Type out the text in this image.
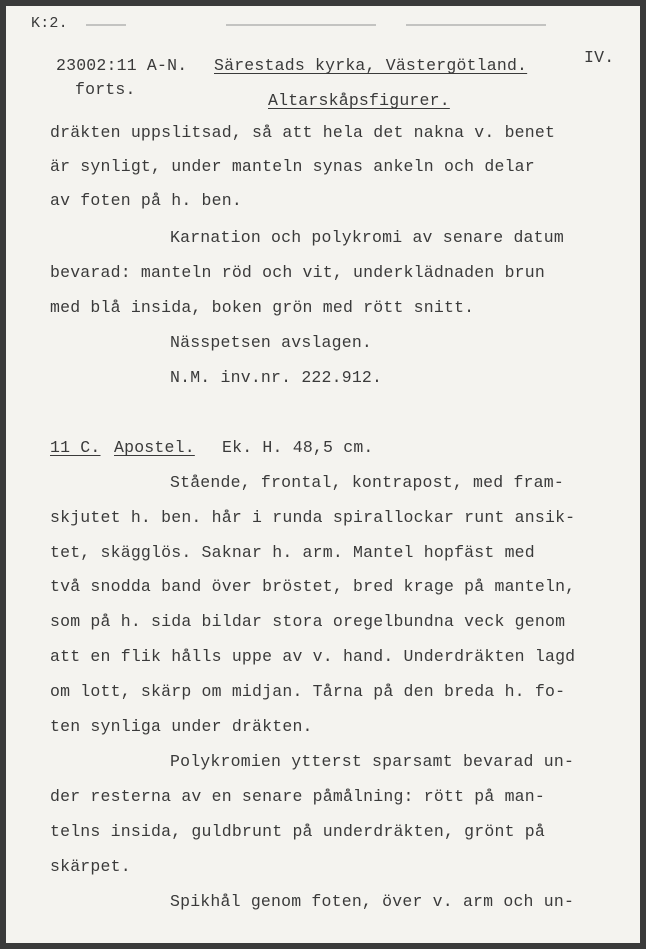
K:2.
23002:11 A-N. Särestads kyrka, Västergötland.	IV.
forts.
Altarskåpsfigurer.
dräkten uppslitsad, så att hela det nakna v. benet
är synligt, under manteln synas ankeln och delar
av foten på h. ben.
Karnation och polykromi av senare datum
bevarad: manteln röd och vit, underklädnaden brun
med blå insida, boken grön med rött snitt.
Nässpetsen avslagen.
N.M. inv.nr. 222.912.
11 C. Apostel. Ek. H. 48,5 cm.
Stående, frontal, kontrapost, med fram-
skjutet h. ben. hår i runda spirallockar runt ansik-
tet, skägglös. Saknar h. arm. Mantel hopfäst med
två snodda band över bröstet, bred krage på manteln,
som på h. sida bildar stora oregelbundna veck genom
att en flik hålls uppe av v. hand. Underdräkten lagd
om lott, skärp om midjan. Tårna på den breda h. fo-
ten synliga under dräkten.
Polykromien ytterst sparsamt bevarad un-
der resterna av en senare påmålning: rött på man-
telns insida, guldbrunt på underdräkten, grönt på
skärpet.
Spikhål genom foten, över v. arm och un-
